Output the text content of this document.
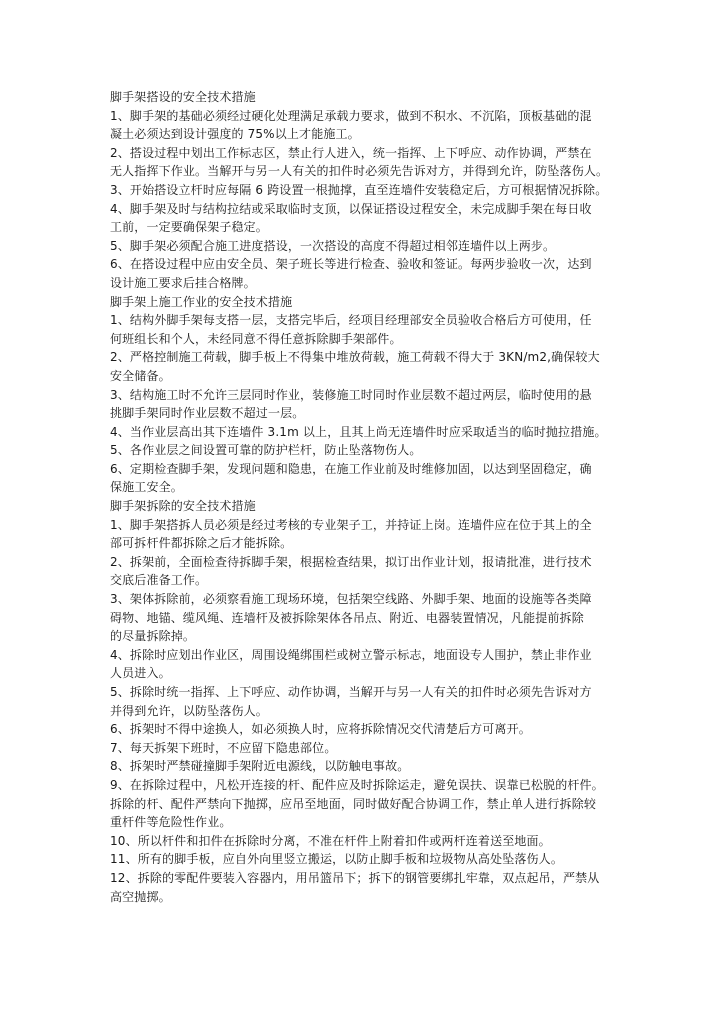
脚手架搭设的安全技术措施
1、脚手架的基础必须经过硬化处理满足承载力要求，做到不积水、不沉陷，顶板基础的混
凝土必须达到设计强度的 75%以上才能施工。
2、搭设过程中划出工作标志区，禁止行人进入，统一指挥、上下呼应、动作协调，严禁在
无人指挥下作业。当解开与另一人有关的扣件时必须先告诉对方，并得到允许，防坠落伤人。
3、开始搭设立杆时应每隔 6 跨设置一根抛撑，直至连墙件安装稳定后，方可根据情况拆除。
4、脚手架及时与结构拉结或采取临时支顶，以保证搭设过程安全，未完成脚手架在每日收
工前，一定要确保架子稳定。
5、脚手架必须配合施工进度搭设，一次搭设的高度不得超过相邻连墙件以上两步。
6、在搭设过程中应由安全员、架子班长等进行检查、验收和签证。每两步验收一次，达到
设计施工要求后挂合格牌。
脚手架上施工作业的安全技术措施
1、结构外脚手架每支搭一层，支搭完毕后，经项目经理部安全员验收合格后方可使用，任
何班组长和个人，未经同意不得任意拆除脚手架部件。
2、严格控制施工荷载，脚手板上不得集中堆放荷载，施工荷载不得大于 3KN/m2,确保较大
安全储备。
3、结构施工时不允许三层同时作业，装修施工时同时作业层数不超过两层，临时使用的悬
挑脚手架同时作业层数不超过一层。
4、当作业层高出其下连墙件 3.1m 以上，且其上尚无连墙件时应采取适当的临时抛拉措施。
5、各作业层之间设置可靠的防护栏杆，防止坠落物伤人。
6、定期检查脚手架，发现问题和隐患，在施工作业前及时维修加固，以达到坚固稳定，确
保施工安全。
脚手架拆除的安全技术措施
1、脚手架搭拆人员必须是经过考核的专业架子工，并持证上岗。连墙件应在位于其上的全
部可拆杆件都拆除之后才能拆除。
2、拆架前，全面检查待拆脚手架，根据检查结果，拟订出作业计划，报请批准，进行技术
交底后准备工作。
3、架体拆除前，必须察看施工现场环境，包括架空线路、外脚手架、地面的设施等各类障
碍物、地锚、缆风绳、连墙杆及被拆除架体各吊点、附近、电器装置情况，凡能提前拆除
的尽量拆除掉。
4、拆除时应划出作业区，周围设绳绑围栏或树立警示标志，地面设专人围护，禁止非作业
人员进入。
5、拆除时统一指挥、上下呼应、动作协调，当解开与另一人有关的扣件时必须先告诉对方
并得到允许，以防坠落伤人。
6、拆架时不得中途换人，如必须换人时，应将拆除情况交代清楚后方可离开。
7、每天拆架下班时，不应留下隐患部位。
8、拆架时严禁碰撞脚手架附近电源线，以防触电事故。
9、在拆除过程中，凡松开连接的杆、配件应及时拆除运走，避免误扶、误靠已松脱的杆件。
拆除的杆、配件严禁向下抛掷，应吊至地面，同时做好配合协调工作，禁止单人进行拆除较
重杆件等危险性作业。
10、所以杆件和扣件在拆除时分离，不准在杆件上附着扣件或两杆连着送至地面。
11、所有的脚手板，应自外向里竖立搬运，以防止脚手板和垃圾物从高处坠落伤人。
12、拆除的零配件要装入容器内，用吊篮吊下；拆下的钢管要绑扎牢靠，双点起吊，严禁从
高空抛掷。
